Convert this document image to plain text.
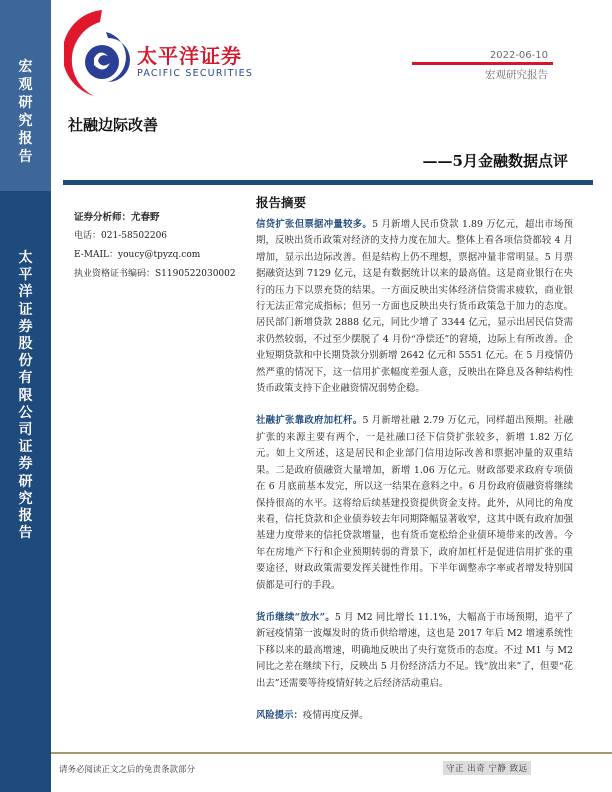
宏
观
研
究
报
告
太
平
洋
证
券
股
份
有
限
公
司
证
券
研
究
报
告
太平洋证券
PACIFIC SECURITIES
2022-06-10
宏观研究报告
社融边际改善
——5月金融数据点评
证券分析师：尤春野
电话：021-58502206
E-MAIL：youcy@tpyzq.com
执业资格证书编码：S1190522030002
报告摘要

信贷扩张但票据冲量较多。5 月新增人民币贷款 1.89 万亿元，超出市场预期，反映出货币政策对经济的支持力度在加大。整体上看各项信贷都较 4 月增加，显示出边际改善。但是结构上仍不理想，票据冲量非常明显。5 月票据融资达到 7129 亿元，这是有数据统计以来的最高值。这是商业银行在央行的压力下以票充贷的结果。一方面反映出实体经济信贷需求疲软，商业银行无法正常完成指标；但另一方面也反映出央行货币政策急于加力的态度。居民部门新增贷款 2888 亿元，同比少增了 3344 亿元，显示出居民信贷需求仍然较弱，不过至少摆脱了 4 月份“净偿还”的窘境，边际上有所改善。企业短期贷款和中长期贷款分别新增 2642 亿元和 5551 亿元。在 5 月疫情仍然严重的情况下，这一信用扩张幅度差强人意，反映出在降息及各种结构性货币政策支持下企业融资情况弱势企稳。

社融扩张靠政府加杠杆。5 月新增社融 2.79 万亿元，同样超出预期。社融扩张的来源主要有两个，一是社融口径下信贷扩张较多，新增 1.82 万亿元。如上文所述，这是居民和企业部门信用边际改善和票据冲量的双重结果。二是政府债融资大量增加，新增 1.06 万亿元。财政部要求政府专项债在 6 月底前基本发完，所以这一结果在意料之中。6 月份政府债融资将继续保持很高的水平。这将给后续基建投资提供资金支持。此外，从同比的角度来看，信托贷款和企业债券较去年同期降幅显著收窄，这其中既有政府加强基建力度带来的信托贷款增量，也有货币宽松给企业债环境带来的改善。今年在房地产下行和企业预期转弱的背景下，政府加杠杆是促进信用扩张的重要途径，财政政策需要发挥关键性作用。下半年调整赤字率或者增发特别国债都是可行的手段。

货币继续“放水”。5 月 M2 同比增长 11.1%，大幅高于市场预期，追平了新冠疫情第一波爆发时的货币供给增速，这也是 2017 年后 M2 增速系统性下移以来的最高增速，明确地反映出了央行宽货币的态度。不过 M1 与 M2 同比之差在继续下行，反映出 5 月份经济活力不足。钱“放出来”了，但要“花出去”还需要等待疫情好转之后经济活动重启。

风险提示：疫情再度反弹。

请务必阅读正文之后的免责条款部分	守正 出奇 宁静 致远
